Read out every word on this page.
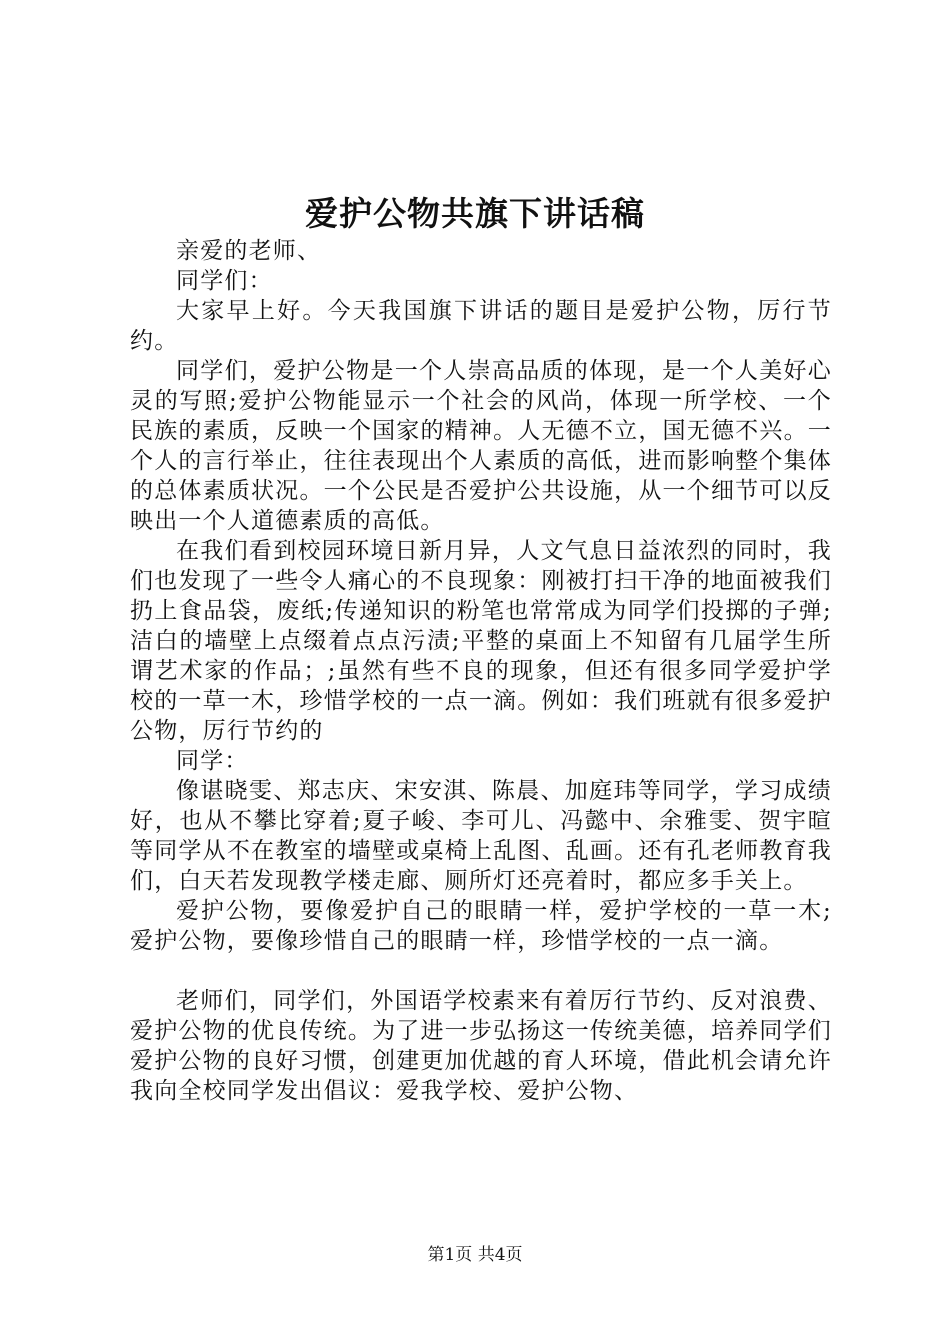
爱护公物共旗下讲话稿

亲爱的老师、

同学们：

大家早上好。今天我国旗下讲话的题目是爱护公物，厉行节约。

同学们，爱护公物是一个人崇高品质的体现，是一个人美好心灵的写照;爱护公物能显示一个社会的风尚，体现一所学校、一个民族的素质，反映一个国家的精神。人无德不立，国无德不兴。一个人的言行举止，往往表现出个人素质的高低，进而影响整个集体的总体素质状况。一个公民是否爱护公共设施，从一个细节可以反映出一个人道德素质的高低。

在我们看到校园环境日新月异，人文气息日益浓烈的同时，我们也发现了一些令人痛心的不良现象：刚被打扫干净的地面被我们扔上食品袋，废纸;传递知识的粉笔也常常成为同学们投掷的子弹;洁白的墙壁上点缀着点点污渍;平整的桌面上不知留有几届学生所谓艺术家的作品；;虽然有些不良的现象，但还有很多同学爱护学校的一草一木，珍惜学校的一点一滴。例如：我们班就有很多爱护公物，厉行节约的

同学：

像谌晓雯、郑志庆、宋安淇、陈晨、加庭玮等同学，学习成绩好，也从不攀比穿着;夏子峻、李可儿、冯懿中、余雅雯、贺宇暄等同学从不在教室的墙壁或桌椅上乱图、乱画。还有孔老师教育我们，白天若发现教学楼走廊、厕所灯还亮着时，都应多手关上。

爱护公物，要像爱护自己的眼睛一样，爱护学校的一草一木;爱护公物，要像珍惜自己的眼睛一样，珍惜学校的一点一滴。

老师们，同学们，外国语学校素来有着厉行节约、反对浪费、爱护公物的优良传统。为了进一步弘扬这一传统美德，培养同学们爱护公物的良好习惯，创建更加优越的育人环境，借此机会请允许我向全校同学发出倡议：爱我学校、爱护公物、

第1页 共4页
